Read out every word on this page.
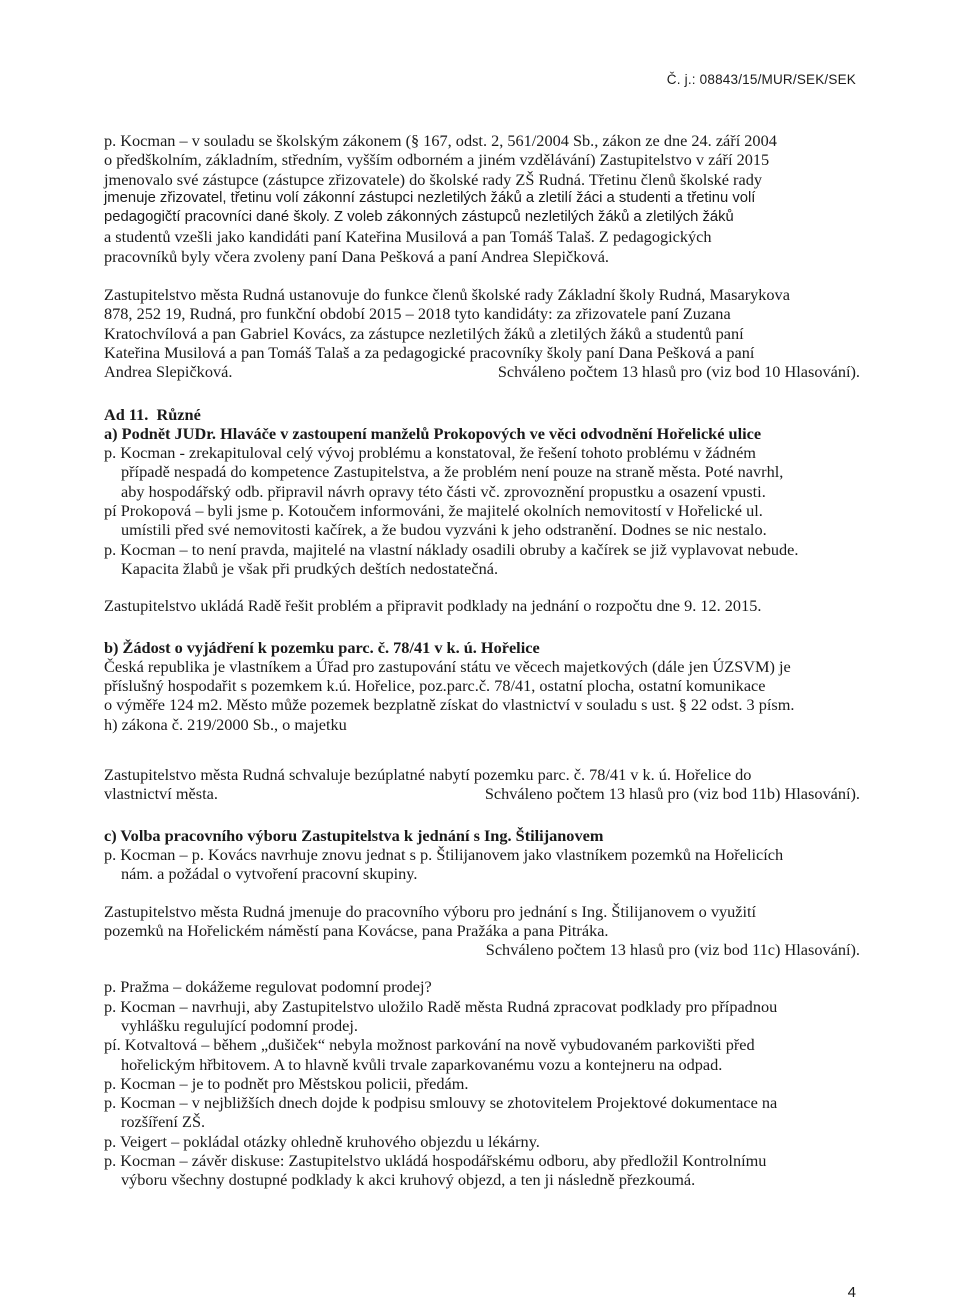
Č. j.: 08843/15/MUR/SEK/SEK

p. Kocman – v souladu se školským zákonem (§ 167, odst. 2, 561/2004 Sb., zákon ze dne 24. září 2004

o předškolním, základním, středním, vyšším odborném a jiném vzdělávání) Zastupitelstvo v září 2015

jmenovalo své zástupce (zástupce zřizovatele) do školské rady ZŠ Rudná. Třetinu členů školské rady

jmenuje zřizovatel, třetinu volí zákonní zástupci nezletilých žáků a zletilí žáci a studenti a třetinu volí

pedagogičtí pracovníci dané školy. Z voleb zákonných zástupců nezletilých žáků a zletilých žáků

a studentů vzešli jako kandidáti paní Kateřina Musilová a pan Tomáš Talaš. Z pedagogických

pracovníků byly včera zvoleny paní Dana Pešková a paní Andrea Slepičková.

Zastupitelstvo města Rudná ustanovuje do funkce členů školské rady Základní školy Rudná, Masarykova

878, 252 19, Rudná, pro funkční období 2015 – 2018 tyto kandidáty: za zřizovatele paní Zuzana

Kratochvílová a pan Gabriel Kovács, za zástupce nezletilých žáků a zletilých žáků a studentů paní

Kateřina Musilová a pan Tomáš Talaš a za pedagogické pracovníky školy paní Dana Pešková a paní

Andrea Slepičková.	Schváleno počtem 13 hlasů pro (viz bod 10 Hlasování).

Ad 11. Různé

a) Podnět JUDr. Hlaváče v zastoupení manželů Prokopových ve věci odvodnění Hořelické ulice

p. Kocman - zrekapituloval celý vývoj problému a konstatoval, že řešení tohoto problému v žádném

případě nespadá do kompetence Zastupitelstva, a že problém není pouze na straně města. Poté navrhl,

aby hospodářský odb. připravil návrh opravy této části vč. zprovoznění propustku a osazení vpusti.

pí Prokopová – byli jsme p. Kotoučem informováni, že majitelé okolních nemovitostí v Hořelické ul.

umístili před své nemovitosti kačírek, a že budou vyzváni k jeho odstranění. Dodnes se nic nestalo.

p. Kocman – to není pravda, majitelé na vlastní náklady osadili obruby a kačírek se již vyplavovat nebude.

Kapacita žlabů je však při prudkých deštích nedostatečná.

Zastupitelstvo ukládá Radě řešit problém a připravit podklady na jednání o rozpočtu dne 9. 12. 2015.

b) Žádost o vyjádření k pozemku parc. č. 78/41 v k. ú. Hořelice

Česká republika je vlastníkem a Úřad pro zastupování státu ve věcech majetkových (dále jen ÚZSVM) je

příslušný hospodařit s pozemkem k.ú. Hořelice, poz.parc.č. 78/41, ostatní plocha, ostatní komunikace

o výměře 124 m2. Město může pozemek bezplatně získat do vlastnictví v souladu s ust. § 22 odst. 3 písm.

h) zákona č. 219/2000 Sb., o majetku

Zastupitelstvo města Rudná schvaluje bezúplatné nabytí pozemku parc. č. 78/41 v k. ú. Hořelice do

vlastnictví města.	Schváleno počtem 13 hlasů pro (viz bod 11b) Hlasování).

c) Volba pracovního výboru Zastupitelstva k jednání s Ing. Štilijanovem

p. Kocman – p. Kovács navrhuje znovu jednat s p. Štilijanovem jako vlastníkem pozemků na Hořelicích

nám. a požádal o vytvoření pracovní skupiny.

Zastupitelstvo města Rudná jmenuje do pracovního výboru pro jednání s Ing. Štilijanovem o využití

pozemků na Hořelickém náměstí pana Kovácse, pana Pražáka a pana Pitráka.

Schváleno počtem 13 hlasů pro (viz bod 11c) Hlasování).

p. Pražma – dokážeme regulovat podomní prodej?

p. Kocman – navrhuji, aby Zastupitelstvo uložilo Radě města Rudná zpracovat podklady pro případnou

vyhlášku regulující podomní prodej.

pí. Kotvaltová – během „dušiček“ nebyla možnost parkování na nově vybudovaném parkovišti před

hořelickým hřbitovem. A to hlavně kvůli trvale zaparkovanému vozu a kontejneru na odpad.

p. Kocman – je to podnět pro Městskou policii, předám.

p. Kocman – v nejbližších dnech dojde k podpisu smlouvy se zhotovitelem Projektové dokumentace na

rozšíření ZŠ.

p. Veigert – pokládal otázky ohledně kruhového objezdu u lékárny.

p. Kocman – závěr diskuse: Zastupitelstvo ukládá hospodářskému odboru, aby předložil Kontrolnímu

výboru všechny dostupné podklady k akci kruhový objezd, a ten ji následně přezkoumá.

4
